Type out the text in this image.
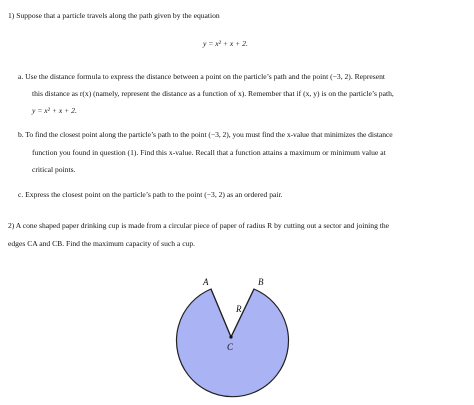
1) Suppose that a particle travels along the path given by the equation
y = x² + x + 2.
a. Use the distance formula to express the distance between a point on the particle’s path and the point (−3, 2). Represent
this distance as r(x) (namely, represent the distance as a function of x). Remember that if (x, y) is on the particle’s path,
y = x² + x + 2.
b. To find the closest point along the particle’s path to the point (−3, 2), you must find the x-value that minimizes the distance
function you found in question (1). Find this x-value. Recall that a function attains a maximum or minimum value at
critical points.
c. Express the closest point on the particle’s path to the point (−3, 2) as an ordered pair.
2) A cone shaped paper drinking cup is made from a circular piece of paper of radius R by cutting out a sector and joining the
edges CA and CB. Find the maximum capacity of such a cup.
A	B
R
C
